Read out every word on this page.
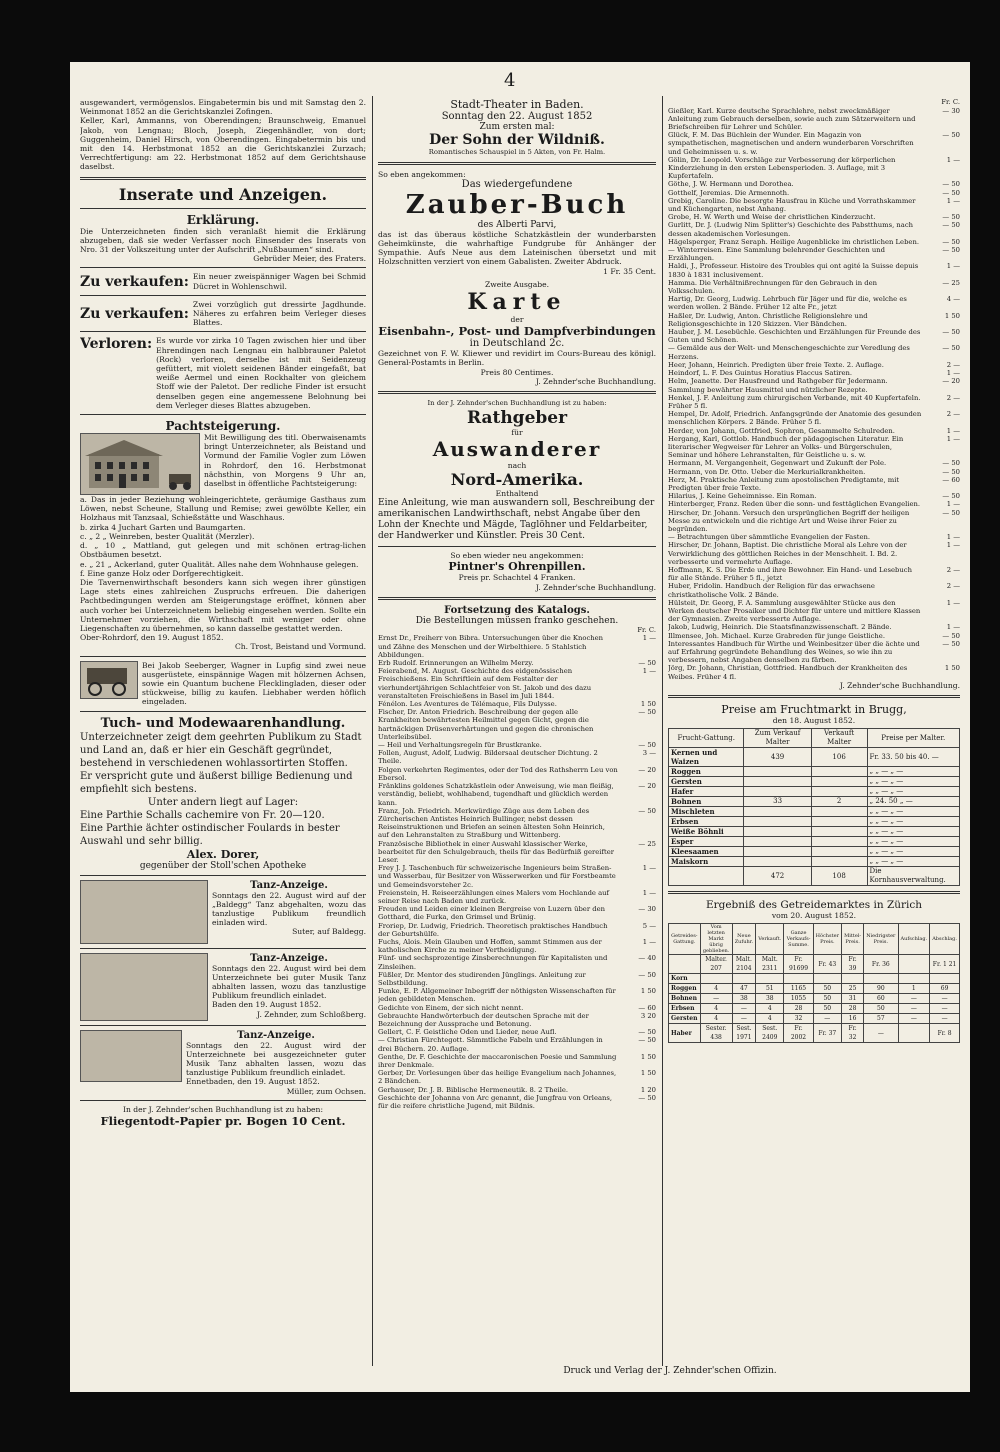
4

ausgewandert, vermögenslos. Eingabetermin bis und mit Samstag den 2. Weinmonat 1852 an die Gerichtskanzlei Zofingen.

Keller, Karl, Ammanns, von Oberendingen; Braunschweig, Emanuel Jakob, von Lengnau; Bloch, Joseph, Ziegenhändler, von dort; Guggenheim, Daniel Hirsch, von Oberendingen. Eingabetermin bis und mit den 14. Herbstmonat 1852 an die Gerichtskanzlei Zurzach; Verrechtfertigung: am 22. Herbstmonat 1852 auf dem Gerichtshause daselbst.

Inserate und Anzeigen.

Erklärung.

Die Unterzeichneten finden sich veranlaßt hiemit die Erklärung abzugeben, daß sie weder Verfasser noch Einsender des Inserats von Nro. 31 der Volkszeitung unter der Aufschrift „Nußbaumen“ sind.

Gebrüder Meier, des Fraters.

Zu verkaufen: Ein neuer zweispänniger Wagen bei Schmid Dücret in Wohlenschwil.
Zu verkaufen:
Zwei vorzüglich gut dressirte Jagdhunde. Näheres zu erfahren beim Verleger dieses Blattes.
Verloren: Es wurde vor zirka 10 Tagen zwischen hier und über Ehrendingen nach Lengnau ein halbbrauner Paletot (Rock) verloren, derselbe ist mit Seidenzeug gefüttert, mit violett seidenen Bänder eingefaßt, bat weiße Aermel und einen Rockhalter von gleichem Stoff wie der Paletot. Der redliche Finder ist ersucht denselben gegen eine angemessene Belohnung bei dem Verleger dieses Blattes abzugeben.

Pachtsteigerung.

Mit Bewilligung des titl. Oberwaisenamts bringt Unterzeichneter, als Beistand und Vormund der Familie Vogler zum Löwen in Rohrdorf, den 16. Herbstmonat nächsthin, von Morgens 9 Uhr an, daselbst in öffentliche Pachtsteigerung:

a. Das in jeder Beziehung wohleingerichtete, geräumige Gasthaus zum Löwen, nebst Scheune, Stallung und Remise; zwei gewölbte Keller, ein Holzhaus mit Tanzsaal, Schießstätte und Waschhaus.

b. zirka 4 Juchart Garten und Baumgarten.

c. „ 2 „ Weinreben, bester Qualität (Merzler).

d. „ 10 „ Mattland, gut gelegen und mit schönen ertrag-lichen Obstbäumen besetzt.

e. „ 21 „ Ackerland, guter Qualität. Alles nahe dem Wohnhause gelegen.

f. Eine ganze Holz oder Dorfgerechtigkeit.

Die Tavernenwirthschaft besonders kann sich wegen ihrer günstigen Lage stets eines zahlreichen Zuspruchs erfreuen. Die daherigen Pachtbedingungen werden am Steigerungstage eröffnet, können aber auch vorher bei Unterzeichnetem beliebig eingesehen werden. Sollte ein Unternehmer vorziehen, die Wirthschaft mit weniger oder ohne Liegenschaften zu übernehmen, so kann dasselbe gestattet werden.

Ober-Rohrdorf, den 19. August 1852.

Ch. Trost, Beistand und Vormund.

Bei Jakob Seeberger, Wagner in Lupfig sind zwei neue ausgerüstete, einspännige Wagen mit hölzernen Achsen, sowie ein Quantum buchene Flecklingladen, dieser oder stückweise, billig zu kaufen. Liebhaber werden höflich eingeladen.

Tuch- und Modewaarenhandlung.

Unterzeichneter zeigt dem geehrten Publikum zu Stadt und Land an, daß er hier ein Geschäft gegründet, bestehend in verschiedenen wohlassortirten Stoffen.

Er verspricht gute und äußerst billige Bedienung und empfiehlt sich bestens.

Unter andern liegt auf Lager:

Eine Parthie Schalls cachemire von Fr. 20—120.

Eine Parthie ächter ostindischer Foulards in bester Auswahl und sehr billig.

Alex. Dorer,

gegenüber der Stoll'schen Apotheke

Tanz-Anzeige.

Sonntags den 22. August wird auf der „Baldegg“ Tanz abgehalten, wozu das tanzlustige Publikum freundlich einladen wird.

Suter, auf Baldegg.

Tanz-Anzeige.

Sonntags den 22. August wird bei dem Unterzeichnete bei guter Musik Tanz abhalten lassen, wozu das tanzlustige Publikum freundlich einladet.

Baden den 19. August 1852.

J. Zehnder, zum Schloßberg.

Tanz-Anzeige.

Sonntags den 22. August wird der Unterzeichnete bei ausgezeichneter guter Musik Tanz abhalten lassen, wozu das tanzlustige Publikum freundlich einladet.

Ennetbaden, den 19. August 1852.

Müller, zum Ochsen.

In der J. Zehnder'schen Buchhandlung ist zu haben:

Fliegentodt-Papier pr. Bogen 10 Cent.

Stadt-Theater in Baden.

Sonntag den 22. August 1852

Zum ersten mal:

Der Sohn der Wildniß.

Romantisches Schauspiel in 5 Akten, von Fr. Halm.

So eben angekommen:

Das wiedergefundene

Zauber-Buch

des Alberti Parvi,

das ist das überaus köstliche Schatzkästlein der wunderbarsten Geheimkünste, die wahrhaftige Fundgrube für Anhänger der Sympathie. Aufs Neue aus dem Lateinischen übersetzt und mit Holzschnitten verziert von einem Gabalisten. Zweiter Abdruck.

1 Fr. 35 Cent.

Zweite Ausgabe.

Karte

der

Eisenbahn-, Post- und Dampfverbindungen

in Deutschland 2c.

Gezeichnet von F. W. Kliewer und revidirt im Cours-Bureau des königl. General-Postamts in Berlin.

Preis 80 Centimes.

J. Zehnder'sche Buchhandlung.

In der J. Zehnder'schen Buchhandlung ist zu haben:

Rathgeber

für

Auswanderer

nach

Nord-Amerika.

Enthaltend

Eine Anleitung, wie man auswandern soll, Beschreibung der amerikanischen Landwirthschaft, nebst Angabe über den Lohn der Knechte und Mägde, Taglöhner und Feldarbeiter, der Handwerker und Künstler. Preis 30 Cent.

So eben wieder neu angekommen:

Pintner's Ohrenpillen.

Preis pr. Schachtel 4 Franken.

J. Zehnder'sche Buchhandlung.

Fortsetzung des Katalogs.

Die Bestellungen müssen franko geschehen.

Fr. C.

Ernst Dr., Freiherr von Bibra. Untersuchungen über die Knochen und Zähne des Menschen und der Wirbelthiere. 5 Stahlstich Abbildungen.
1 —
Erb Rudolf. Erinnerungen an Wilhelm Merzy.	— 50
Feierabend, M. August. Geschichte des eidgenössischen Freischießens. Ein Schriftlein auf dem Festalter der vierhundertjährigen Schlachtfeier von St. Jakob und des dazu veranstalteten Freischießens in Basel im Juli 1844.
1 —
Fénélon. Les Aventures de Télémaque, Fils Dulysse.	1 50
Fischer, Dr. Anton Friedrich. Beschreibung der gegen alle Krankheiten bewährtesten Heilmittel gegen Gicht, gegen die hartnäckigen Drüsenverhärtungen und gegen die chronischen Unterleibsübel.
— 50
— Heil und Verhaltungsregeln für Brustkranke.	— 50
Follen, August, Adolf, Ludwig. Bildersaal deutscher Dichtung. 2 Theile.
3 —
Folgen verkehrten Regimentes, oder der Tod des Rathsherrn Leu von Ebersol.
— 20
Fränklins goldenes Schatzkästlein oder Anweisung, wie man fleißig, verständig, beliebt, wohlhabend, tugendhaft und glücklich werden kann.
— 20
Franz, Joh. Friedrich. Merkwürdige Züge aus dem Leben des Zürcherischen Antistes Heinrich Bullinger, nebst dessen Reiseinstruktionen und Briefen an seinen ältesten Sohn Heinrich, auf den Lehranstalten zu Straßburg und Wittenberg.
— 50
Französische Bibliothek in einer Auswahl klassischer Werke, bearbeitet für den Schulgebrauch, theils für das Bedürfniß gereifter Leser.
— 25
Frey J. J. Taschenbuch für schweizerische Ingenieurs beim Straßen- und Wasserbau, für Besitzer von Wässerwerken und für Forstbeamte und Gemeindsvorsteher 2c.
1 —
Freienstein, H. Reiseerzählungen eines Malers vom Hochlande auf seiner Reise nach Baden und zurück.
1 —
Freuden und Leiden einer kleinen Bergreise von Luzern über den Gotthard, die Furka, den Grimsel und Brünig.
— 30
Froriep, Dr. Ludwig, Friedrich. Theoretisch praktisches Handbuch der Geburtshülfe.
5 —
Fuchs, Alois. Mein Glauben und Hoffen, sammt Stimmen aus der katholischen Kirche zu meiner Vertheidigung.
1 —
Fünf- und sechsprozentige Zinsberechnungen für Kapitalisten und Zinsleihen.
— 40
Füßler, Dr. Mentor des studirenden Jünglings. Anleitung zur Selbstbildung.
— 50
Funke, E. P. Allgemeiner Inbegriff der nöthigsten Wissenschaften für jeden gebildeten Menschen.
1 50
Gedichte von Einem, der sich nicht nennt.	— 60
Gebrauchte Handwörterbuch der deutschen Sprache mit der Bezeichnung der Aussprache und Betonung.
3 20
Gellert, C. F. Geistliche Oden und Lieder, neue Aufl.	— 50
— Christian Fürchtegott. Sämmtliche Fabeln und Erzählungen in drei Büchern. 20. Auflage.
— 50
Genthe, Dr. F. Geschichte der maccaronischen Poesie und Sammlung ihrer Denkmale.
1 50
Gerber, Dr. Vorlesungen über das heilige Evangelium nach Johannes, 2 Bändchen.
1 50
Gerhauser, Dr. J. B. Biblische Hermeneutik. 8. 2 Theile.	1 20
Geschichte der Johanna von Arc genannt, die Jungfrau von Orleans, für die reifere christliche Jugend, mit Bildnis.
— 50

Fr. C.

Gießler, Karl. Kurze deutsche Sprachlehre, nebst zweckmäßiger Anleitung zum Gebrauch derselben, sowie auch zum Sätzerweitern und Briefschreiben für Lehrer und Schüler.
— 30
Glück, F. M. Das Büchlein der Wunder. Ein Magazin von sympathetischen, magnetischen und andern wunderbaren Vorschriften und Geheimnissen u. s. w.
— 50
Gölin, Dr. Leopold. Vorschläge zur Verbesserung der körperlichen Kinderziehung in den ersten Lebensperioden. 3. Auflage, mit 3 Kupfertafeln.
1 —
Göthe, J. W. Hermann und Dorothea.	— 50
Gotthelf, Jeremias. Die Armennoth.	— 50
Grebig, Caroline. Die besorgte Hausfrau in Küche und Vorrathskammer und Küchengarten, nebst Anhang.
1 —
Grobe, H. W. Werth und Weise der christlichen Kinderzucht.	— 50
Gurlitt, Dr. J. (Ludwig Nim Splitter's) Geschichte des Pabstthums, nach dessen akademischen Vorlesungen.
— 50
Hägelsperger, Franz Seraph. Heilige Augenblicke im christlichen Leben.	— 50
— Winterreisen. Eine Sammlung belehrender Geschichten und Erzählungen.
— 50
Haldi, J., Professeur. Histoire des Troubles qui ont agité la Suisse depuis 1830 à 1831 inclusivement.
1 —
Hamma. Die Verhältnißrechnungen für den Gebrauch in den Volksschulen.
— 25
Hartig, Dr. Georg, Ludwig. Lehrbuch für Jäger und für die, welche es werden wollen. 2 Bände. Früher 12 alte Fr., jetzt
4 —
Haßler, Dr. Ludwig, Anton. Christliche Religionslehre und Religionsgeschichte in 120 Skizzen. Vier Bändchen.
1 50
Hauber, J. M. Lesebüchle. Geschichten und Erzählungen für Freunde des Guten und Schönen.
— 50
— Gemälde aus der Welt- und Menschengeschichte zur Veredlung des Herzens.
— 50
Heer, Johann, Heinrich. Predigten über freie Texte. 2. Auflage.	2 —
Heindorf, L. F. Des Guintus Horatius Flaccus Satiren.	1 —
Helm, Jeanette. Der Hausfreund und Rathgeber für Jedermann. Sammlung bewährter Hausmittel und nützlicher Rezepte.
— 20
Henkel, J. F. Anleitung zum chirurgischen Verbande, mit 40 Kupfertafeln. Früher 5 fl.
2 —
Hempel, Dr. Adolf, Friedrich. Anfangsgründe der Anatomie des gesunden menschlichen Körpers. 2 Bände. Früher 5 fl.
2 —
Herder, von Johann, Gottfried, Sophron, Gesammelte Schulreden.	1 —
Hergang, Karl, Gottlob. Handbuch der pädagogischen Literatur. Ein literarischer Wegweiser für Lehrer an Volks- und Bürgerschulen, Seminar und höhere Lehranstalten, für Geistliche u. s. w.
1 —
Hermann, M. Vergangenheit, Gegenwart und Zukunft der Pole.	— 50
Hermann, von Dr. Otto. Ueber die Merkurialkrankheiten.	— 50
Herz, M. Praktische Anleitung zum apostolischen Predigtamte, mit Predigten über freie Texte.
— 60
Hilarius, J. Keine Geheimnisse. Ein Roman.	— 50
Hinterberger, Franz. Reden über die sonn- und festtäglichen Evangelien.	1 —
Hirscher, Dr. Johann. Versuch den ursprünglichen Begriff der heiligen Messe zu entwickeln und die richtige Art und Weise ihrer Feier zu begründen.
— 50
— Betrachtungen über sämmtliche Evangelien der Fasten.	1 —
Hirscher, Dr. Johann, Baptist. Die christliche Moral als Lehre von der Verwirklichung des göttlichen Reiches in der Menschheit. I. Bd. 2. verbesserte und vermehrte Auflage.
1 —
Hoffmann, K. S. Die Erde und ihre Bewohner. Ein Hand- und Lesebuch für alle Stände. Früher 5 fl., jetzt
2 —
Huber, Fridolin. Handbuch der Religion für das erwachsene christkatholische Volk. 2 Bände.
2 —
Hülsteit, Dr. Georg, F. A. Sammlung ausgewählter Stücke aus den Werken deutscher Prosaiker und Dichter für untere und mittlere Klassen der Gymnasien. Zweite verbesserte Auflage.
1 —
Jakob, Ludwig, Heinrich. Die Staatsfinanzwissenschaft. 2 Bände.	1 —
Illmensee, Joh. Michael. Kurze Grabreden für junge Geistliche.	— 50
Interessantes Handbuch für Wirthe und Weinbesitzer über die ächte und auf Erfahrung gegründete Behandlung des Weines, so wie ihn zu verbessern, nebst Angaben denselben zu färben.
— 50
Jörg, Dr. Johann, Christian, Gottfried. Handbuch der Krankheiten des Weibes. Früher 4 fl.
1 50

J. Zehnder'sche Buchhandlung.

Preise am Fruchtmarkt in Brugg,

den 18. August 1852.

Frucht-Gattung.	Zum Verkauf Malter	Verkauft Malter	Preise per Malter.
Kernen und Waizen	439	106	Fr. 33. 50 bis 40. —
Roggen			„ „ — „ —
Gersten			„ „ — „ —
Hafer			„ „ — „ —
Bohnen	33	2	„ 24. 50 „ —
Mischleten			„ „ — „ —
Erbsen			„ „ — „ —
Weiße Böhnli			„ „ — „ —
Esper			„ „ — „ —
Kleesaamen			„ „ — „ —
Maiskorn			„ „ — „ —
	472	108	Die Kornhausverwaltung.

Ergebniß des Getreidemarktes in Zürich

vom 20. August 1852.

Getreides-Gattung.	Vom letzten Markt übrig geblieben.	Neue Zufuhr.	Verkauft.	Ganze Verkaufs-Summe.	Höchster Preis.	Mittel-Preis.	Niedrigster Preis.	Aufschlag.	Abschlag.
	Malter. 207	Malt. 2104	Malt. 2311	Fr. 91699	Fr. 43	Fr. 39	Fr. 36		Fr. 1 21
Korn									
Roggen	4	47	51	1165	50	25	90	1	69
Bohnen	—	38	38	1055	50	31	60	—	—
Erbsen	4	—	4	28	50	28	50	—	—
Gersten	4	—	4	32	—	16	57	—	—
Haber	Sester. 438	Sest. 1971	Sest. 2409	Fr. 2002	Fr. 37	Fr. 32	—		Fr. 8
Druck und Verlag der J. Zehnder'schen Offizin.
